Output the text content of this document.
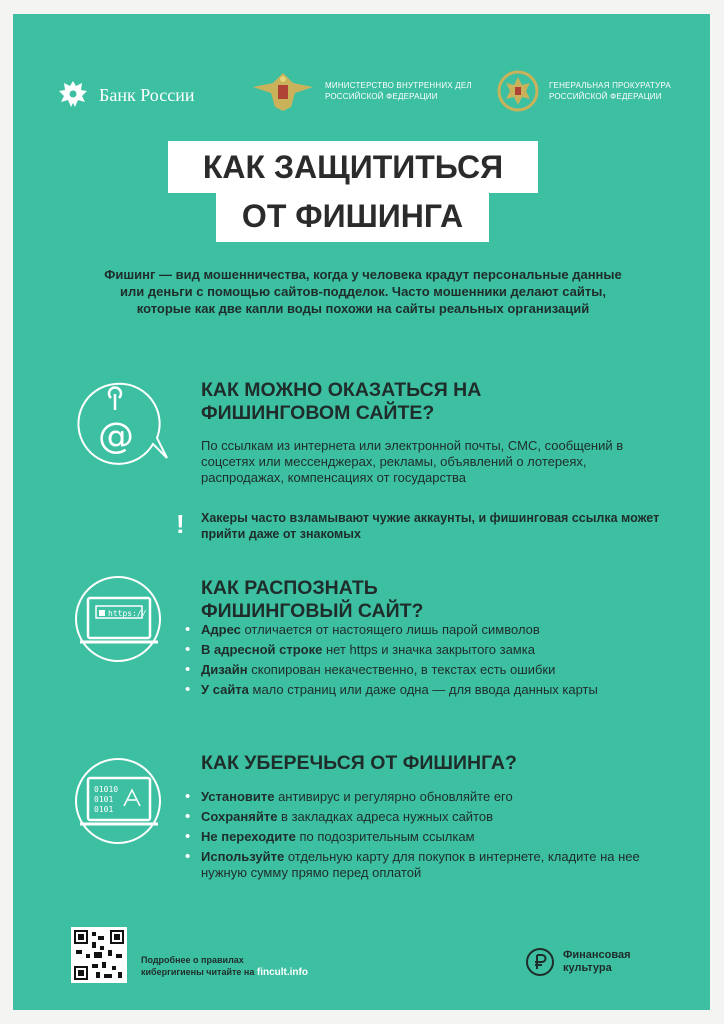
Банк России	МИНИСТЕРСТВО ВНУТРЕННИХ ДЕЛ РОССИЙСКОЙ ФЕДЕРАЦИИ
ГЕНЕРАЛЬНАЯ ПРОКУРАТУРА РОССИЙСКОЙ ФЕДЕРАЦИИ
КАК ЗАЩИТИТЬСЯ
ОТ ФИШИНГА
Фишинг — вид мошенничества, когда у человека крадут персональные данные или деньги с помощью сайтов-подделок. Часто мошенники делают сайты, которые как две капли воды похожи на сайты реальных организаций
@
КАК МОЖНО ОКАЗАТЬСЯ НА ФИШИНГОВОМ САЙТЕ?
По ссылкам из интернета или электронной почты, СМС, сообщений в соцсетях или мессенджерах, рекламы, объявлений о лотереях, распродажах, компенсациях от государства
! Хакеры часто взламывают чужие аккаунты, и фишинговая ссылка может прийти даже от знакомых
https://
КАК РАСПОЗНАТЬ ФИШИНГОВЫЙ САЙТ?
• Адрес отличается от настоящего лишь парой символов
• В адресной строке нет https и значка закрытого замка
• Дизайн скопирован некачественно, в текстах есть ошибки
• У сайта мало страниц или даже одна — для ввода данных карты
01010
0101
0101
КАК УБЕРЕЧЬСЯ ОТ ФИШИНГА?
• Установите антивирус и регулярно обновляйте его
• Сохраняйте в закладках адреса нужных сайтов
• Не переходите по подозрительным ссылкам
• Используйте отдельную карту для покупок в интернете, кладите на нее нужную сумму прямо перед оплатой
Подробнее о правилах
кибергигиены читайте на fincult.info
Финансовая
культура
